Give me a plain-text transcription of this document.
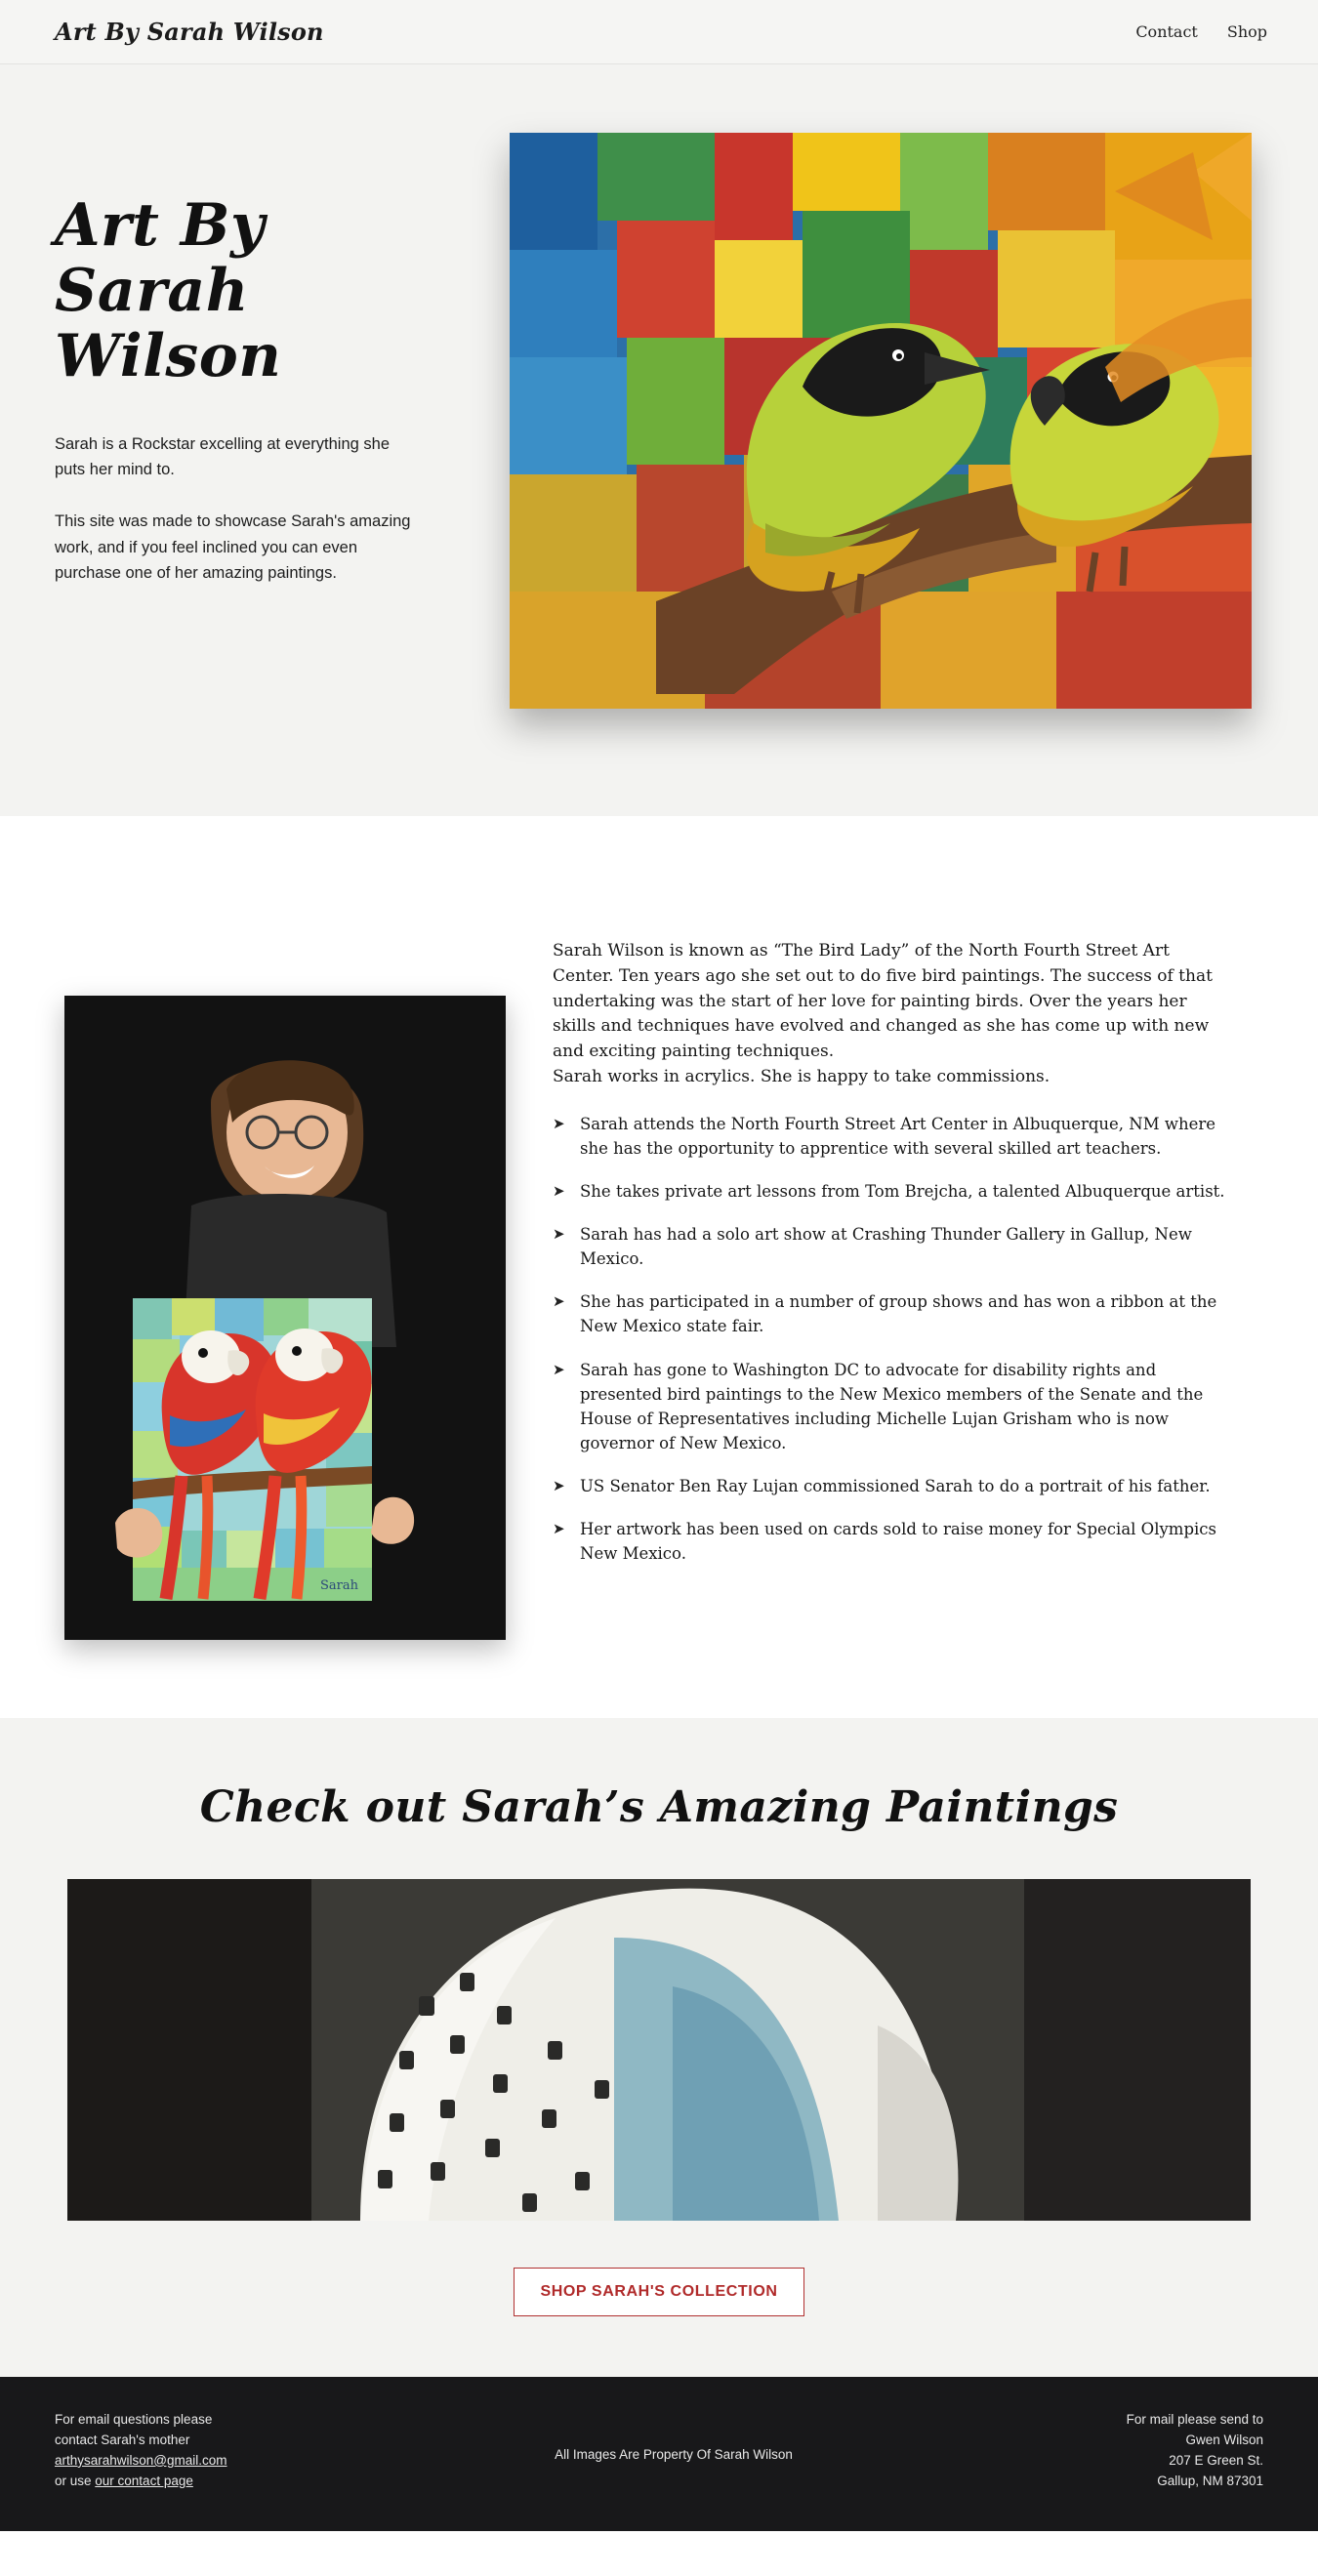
Art By Sarah Wilson	Contact Shop
Art By
Sarah Wilson

Sarah is a Rockstar excelling at everything she puts her mind to.

This site was made to showcase Sarah's amazing work, and if you feel inclined you can even purchase one of her amazing paintings.

Sarah

Sarah Wilson is known as “The Bird Lady” of the North Fourth Street Art Center. Ten years ago she set out to do five bird paintings. The success of that undertaking was the start of her love for painting birds. Over the years her skills and techniques have evolved and changed as she has come up with new and exciting painting techniques.

Sarah works in acrylics. She is happy to take commissions.

➤ Sarah attends the North Fourth Street Art Center in Albuquerque, NM where she has the opportunity to apprentice with several skilled art teachers.
➤ She takes private art lessons from Tom Brejcha, a talented Albuquerque artist.
➤ Sarah has had a solo art show at Crashing Thunder Gallery in Gallup, New Mexico.
➤ She has participated in a number of group shows and has won a ribbon at the New Mexico state fair.
➤ Sarah has gone to Washington DC to advocate for disability rights and presented bird paintings to the New Mexico members of the Senate and the House of Representatives including Michelle Lujan Grisham who is now governor of New Mexico.
➤ US Senator Ben Ray Lujan commissioned Sarah to do a portrait of his father.
➤ Her artwork has been used on cards sold to raise money for Special Olympics New Mexico.
Check out Sarah’s Amazing Paintings
SHOP SARAH'S COLLECTION
For email questions please
contact Sarah's mother
arthysarahwilson@gmail.com
or use our contact page
All Images Are Property Of Sarah Wilson
For mail please send to
Gwen Wilson
207 E Green St.
Gallup, NM 87301
